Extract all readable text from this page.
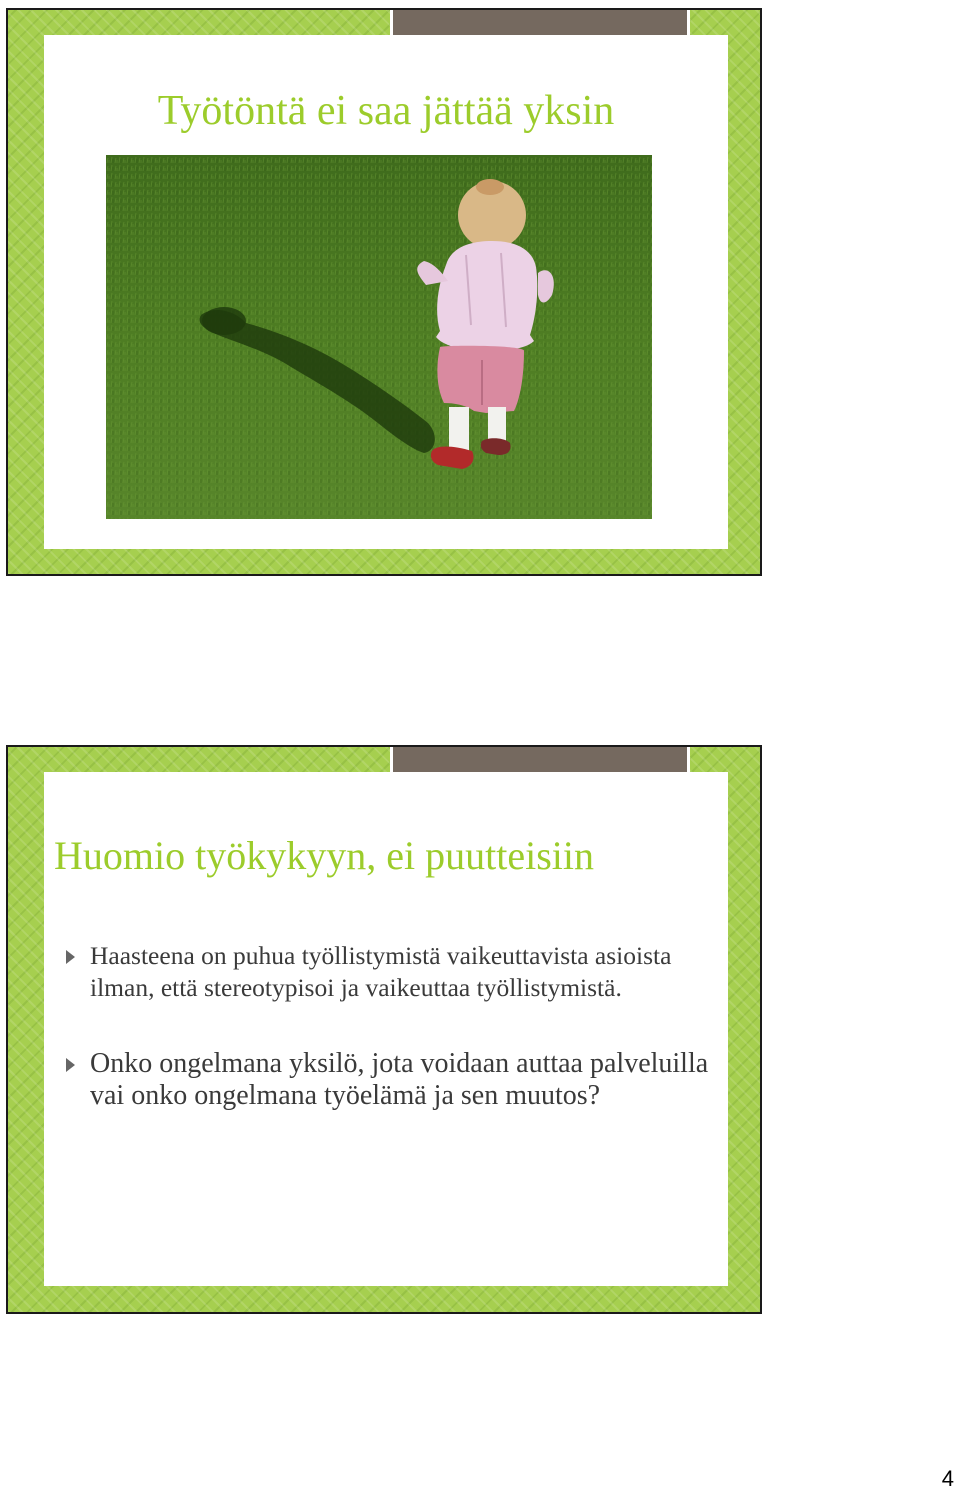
Työtöntä ei saa jättää yksin
Huomio työkykyyn, ei puutteisiin
Haasteena on puhua työllistymistä vaikeuttavista asioista ilman, että stereotypisoi ja vaikeuttaa työllistymistä.
Onko ongelmana yksilö, jota voidaan auttaa palveluilla vai onko ongelmana työelämä ja sen muutos?
4
